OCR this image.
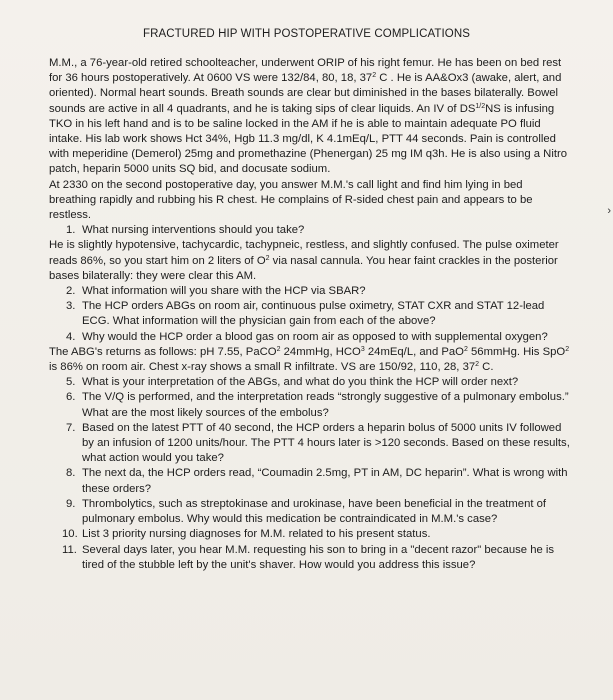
FRACTURED HIP WITH POSTOPERATIVE COMPLICATIONS

M.M., a 76-year-old retired schoolteacher, underwent ORIP of his right femur. He has been on bed rest for 36 hours postoperatively. At 0600 VS were 132/84, 80, 18, $37^2$ C . He is AA&Ox3 (awake, alert, and oriented). Normal heart sounds. Breath sounds are clear but diminished in the bases bilaterally. Bowel sounds are active in all 4 quadrants, and he is taking sips of clear liquids. An IV of $DS^{1/2}NS$ is infusing TKO in his left hand and is to be saline locked in the AM if he is able to maintain adequate PO fluid intake. His lab work shows Hct 34%, Hgb 11.3 mg/dl, K 4.1mEq/L, PTT 44 seconds. Pain is controlled with meperidine (Demerol) 25mg and promethazine (Phenergan) 25 mg IM q3h. He is also using a Nitro patch, heparin 5000 units SQ bid, and docusate sodium.

At 2330 on the second postoperative day, you answer M.M.'s call light and find him lying in bed breathing rapidly and rubbing his R chest. He complains of R-sided chest pain and appears to be restless.

1. What nursing interventions should you take?

He is slightly hypotensive, tachycardic, tachypneic, restless, and slightly confused. The pulse oximeter reads 86%, so you start him on 2 liters of $O^2$ via nasal cannula. You hear faint crackles in the posterior bases bilaterally: they were clear this AM.

2. What information will you share with the HCP via SBAR?
3. The HCP orders ABGs on room air, continuous pulse oximetry, STAT CXR and STAT 12-lead ECG. What information will the physician gain from each of the above?
4. Why would the HCP order a blood gas on room air as opposed to with supplemental oxygen?

The ABG's returns as follows: pH 7.55, PaCO$^2$ 24mmHg, HCO$^3$ 24mEq/L, and PaO$^2$ 56mmHg. His SpO$^2$ is 86% on room air. Chest x-ray shows a small R infiltrate. VS are 150/92, 110, 28, $37^2$ C.

5. What is your interpretation of the ABGs, and what do you think the HCP will order next?
6. The V/Q is performed, and the interpretation reads “strongly suggestive of a pulmonary embolus.” What are the most likely sources of the embolus?
7. Based on the latest PTT of 40 second, the HCP orders a heparin bolus of 5000 units IV followed by an infusion of 1200 units/hour. The PTT 4 hours later is >120 seconds. Based on these results, what action would you take?
8. The next da, the HCP orders read, “Coumadin 2.5mg, PT in AM, DC heparin”. What is wrong with these orders?
9. Thrombolytics, such as streptokinase and urokinase, have been beneficial in the treatment of pulmonary embolus. Why would this medication be contraindicated in M.M.'s case?
10. List 3 priority nursing diagnoses for M.M. related to his present status.
11. Several days later, you hear M.M. requesting his son to bring in a "decent razor" because he is tired of the stubble left by the unit's shaver. How would you address this issue?
›
